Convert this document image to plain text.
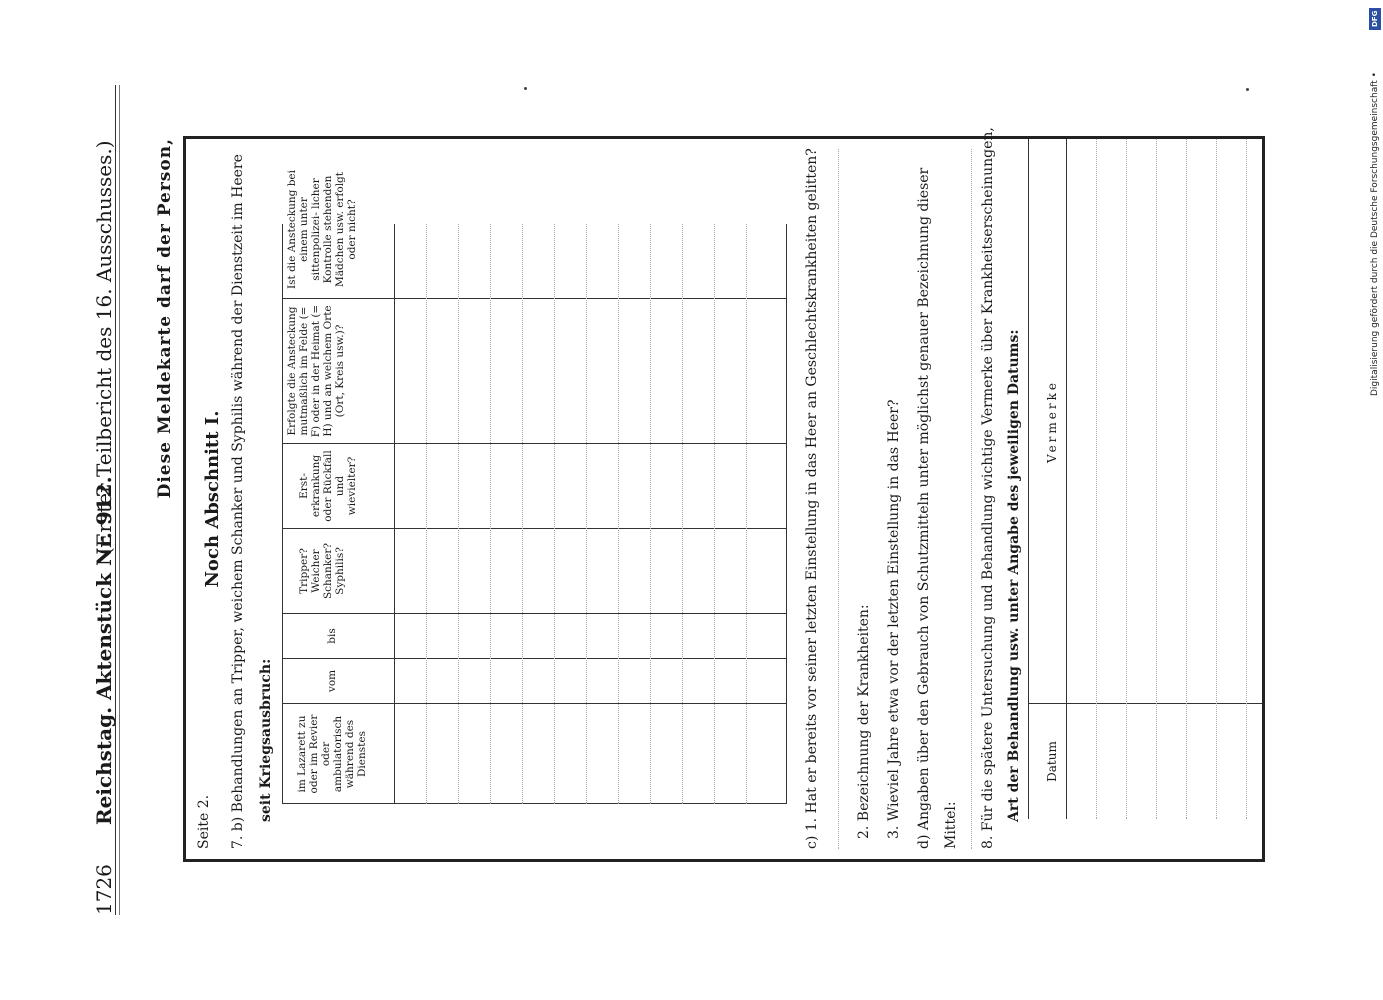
DFG
Digitalisierung gefördert durch die Deutsche Forschungsgemeinschaft •
1726
Reichstag. Aktenstück Nr. 912.
(Erster Teilbericht des 16. Ausschusses.) Diese Meldekarte darf der Person,
Seite 2.
Noch Abschnitt I. 7. b) Behandlungen an Tripper, weichem Schanker und Syphilis während der Dienstzeit im Heere seit Kriegsausbruch: im Lazarett zu oder im Revier oder ambulatorisch während des Dienstes
vom
bis
Tripper? Weicher Schanker? Syphilis?
Erst- erkrankung oder Rückfall und wievielter?
Erfolgte die Ansteckung mutmaßlich im Felde (= F) oder in der Heimat (= H) und an welchem Orte (Ort, Kreis usw.)?
Ist die Ansteckung bei einem unter sittenpolizei- licher Kontrolle stehenden Mädchen usw. erfolgt oder nicht?	c) 1. Hat er bereits vor seiner letzten Einstellung in das Heer an Geschlechtskrankheiten gelitten?	2. Bezeichnung der Krankheiten: 3. Wieviel Jahre etwa vor der letzten Einstellung in das Heer? d) Angaben über den Gebrauch von Schutzmitteln unter möglichst genauer Bezeichnung dieser Mittel: 8. Für die spätere Untersuchung und Behandlung wichtige Vermerke über Krankheitserscheinungen, Art der Behandlung usw. unter Angabe des jeweiligen Datums: Datum
Vermerke
